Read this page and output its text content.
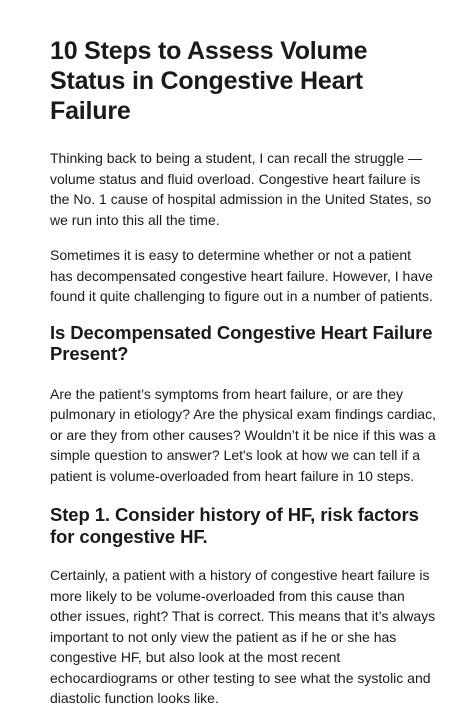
10 Steps to Assess Volume Status in Congestive Heart Failure

Thinking back to being a student, I can recall the struggle — volume status and fluid overload. Congestive heart failure is the No. 1 cause of hospital admission in the United States, so we run into this all the time.

Sometimes it is easy to determine whether or not a patient has decompensated congestive heart failure. However, I have found it quite challenging to figure out in a number of patients.

Is Decompensated Congestive Heart Failure Present?

Are the patient’s symptoms from heart failure, or are they pulmonary in etiology? Are the physical exam findings cardiac, or are they from other causes? Wouldn’t it be nice if this was a simple question to answer? Let's look at how we can tell if a patient is volume-overloaded from heart failure in 10 steps.

Step 1. Consider history of HF, risk factors for congestive HF.

Certainly, a patient with a history of congestive heart failure is more likely to be volume-overloaded from this cause than other issues, right? That is correct. This means that it’s always important to not only view the patient as if he or she has congestive HF, but also look at the most recent echocardiograms or other testing to see what the systolic and diastolic function looks like.
